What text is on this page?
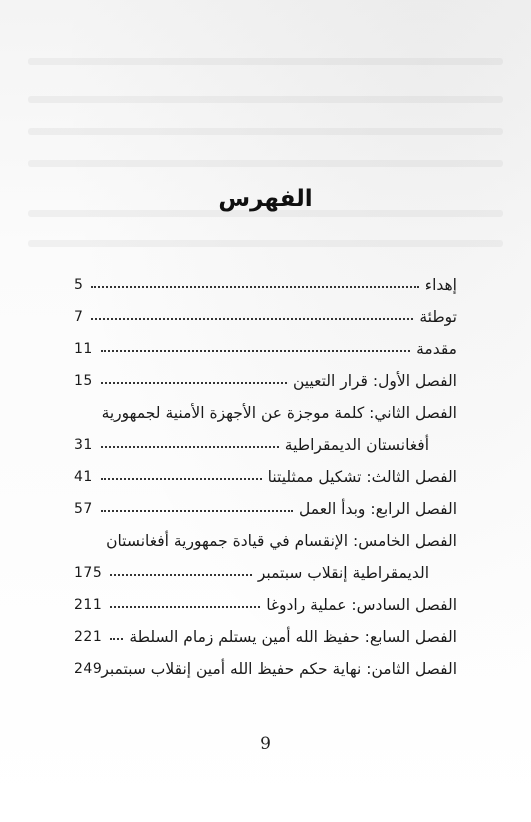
الفهرس
إهداء
5
توطئة
7
مقدمة
11
الفصل الأول: قرار التعيين
15
الفصل الثاني: كلمة موجزة عن الأجهزة الأمنية لجمهورية
أفغانستان الديمقراطية
31
الفصل الثالث: تشكيل ممثليتنا
41
الفصل الرابع: وبدأ العمل
57
الفصل الخامس: الإنقسام في قيادة جمهورية أفغانستان
الديمقراطية إنقلاب سبتمبر
175
الفصل السادس: عملية رادوغا
211
الفصل السابع: حفيظ الله أمين يستلم زمام السلطة
221
الفصل الثامن: نهاية حكم حفيظ الله أمين إنقلاب سبتمبر
249
9
